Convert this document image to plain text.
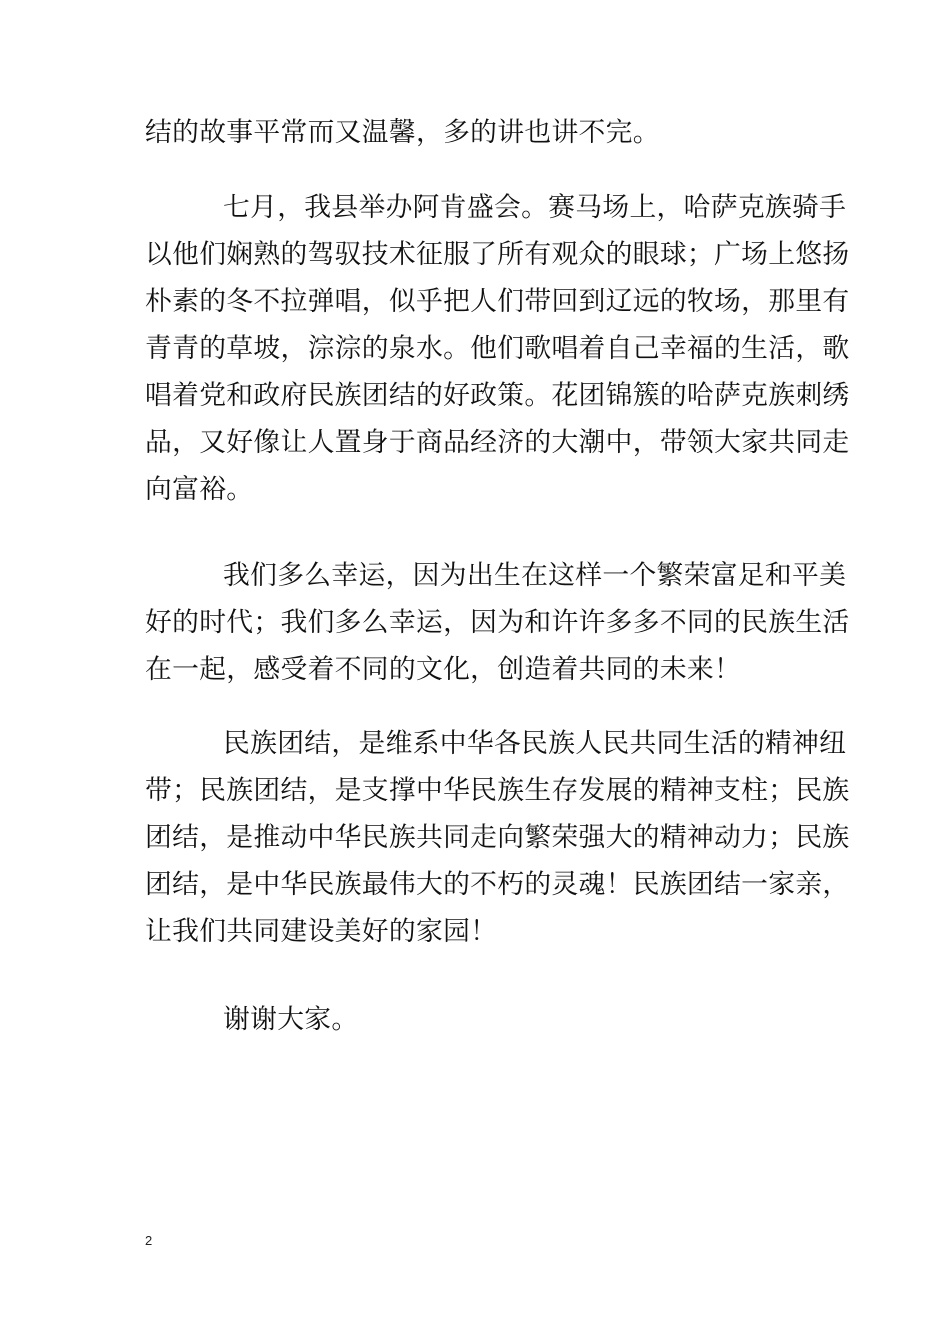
结的故事平常而又温馨，多的讲也讲不完。
七月，我县举办阿肯盛会。赛马场上，哈萨克族骑手
以他们娴熟的驾驭技术征服了所有观众的眼球；广场上悠扬
朴素的冬不拉弹唱，似乎把人们带回到辽远的牧场，那里有
青青的草坡，淙淙的泉水。他们歌唱着自己幸福的生活，歌
唱着党和政府民族团结的好政策。花团锦簇的哈萨克族刺绣
品，又好像让人置身于商品经济的大潮中，带领大家共同走
向富裕。
我们多么幸运，因为出生在这样一个繁荣富足和平美
好的时代；我们多么幸运，因为和许许多多不同的民族生活
在一起，感受着不同的文化，创造着共同的未来！
民族团结，是维系中华各民族人民共同生活的精神纽
带；民族团结，是支撑中华民族生存发展的精神支柱；民族
团结，是推动中华民族共同走向繁荣强大的精神动力；民族
团结，是中华民族最伟大的不朽的灵魂！民族团结一家亲，
让我们共同建设美好的家园！
谢谢大家。
2
